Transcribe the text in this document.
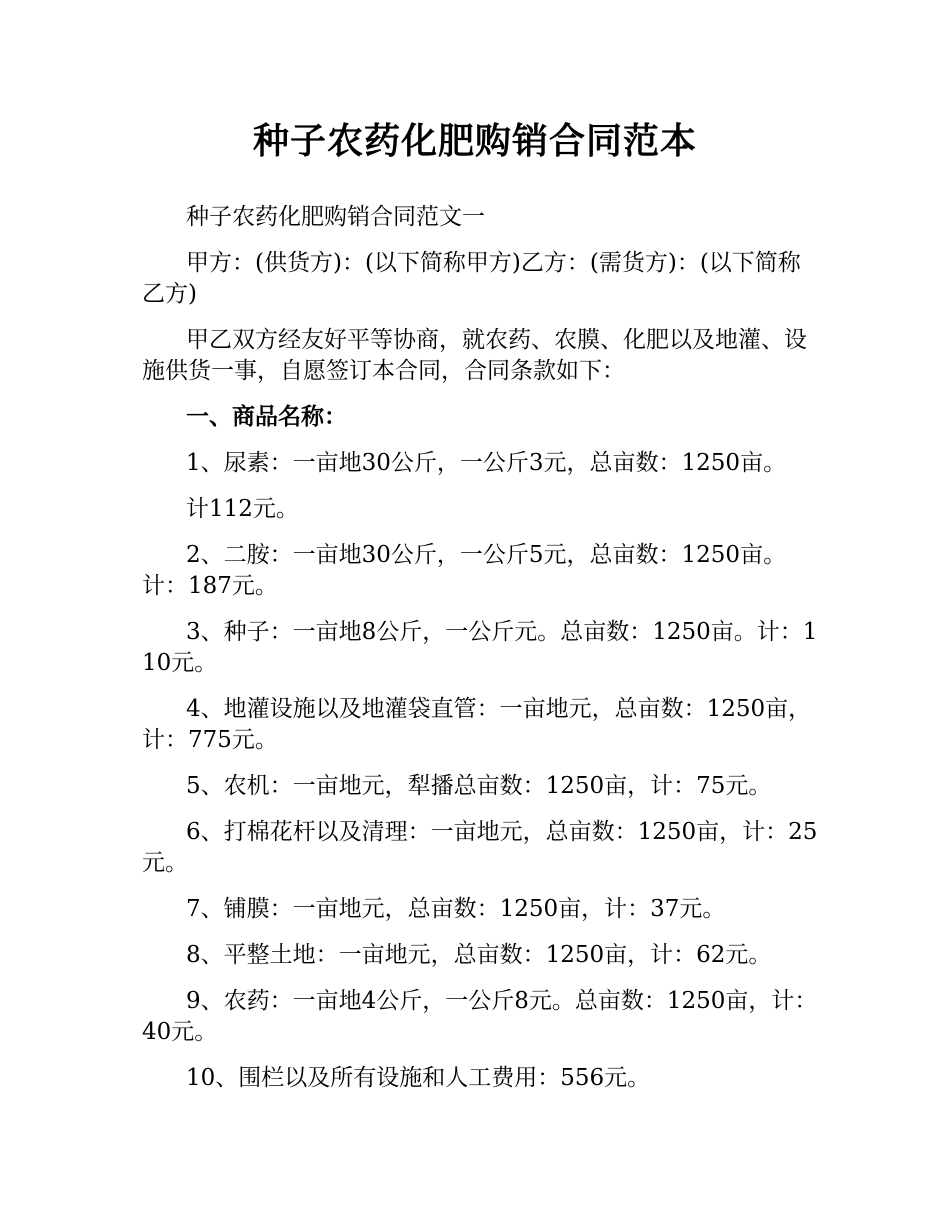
种子农药化肥购销合同范本

种子农药化肥购销合同范文一

甲方：(供货方)：(以下简称甲方)乙方：(需货方)：(以下简称乙方)

甲乙双方经友好平等协商，就农药、农膜、化肥以及地灌、设施供货一事，自愿签订本合同，合同条款如下：

一、商品名称：

1、尿素：一亩地30公斤，一公斤3元，总亩数：1250亩。

计112元。

2、二胺：一亩地30公斤，一公斤5元，总亩数：1250亩。计：187元。

3、种子：一亩地8公斤，一公斤元。总亩数：1250亩。计：110元。

4、地灌设施以及地灌袋直管：一亩地元，总亩数：1250亩，计：775元。

5、农机：一亩地元，犁播总亩数：1250亩，计：75元。

6、打棉花杆以及清理：一亩地元，总亩数：1250亩，计：25元。

7、铺膜：一亩地元，总亩数：1250亩，计：37元。

8、平整土地：一亩地元，总亩数：1250亩，计：62元。

9、农药：一亩地4公斤，一公斤8元。总亩数：1250亩，计：40元。

10、围栏以及所有设施和人工费用：556元。
